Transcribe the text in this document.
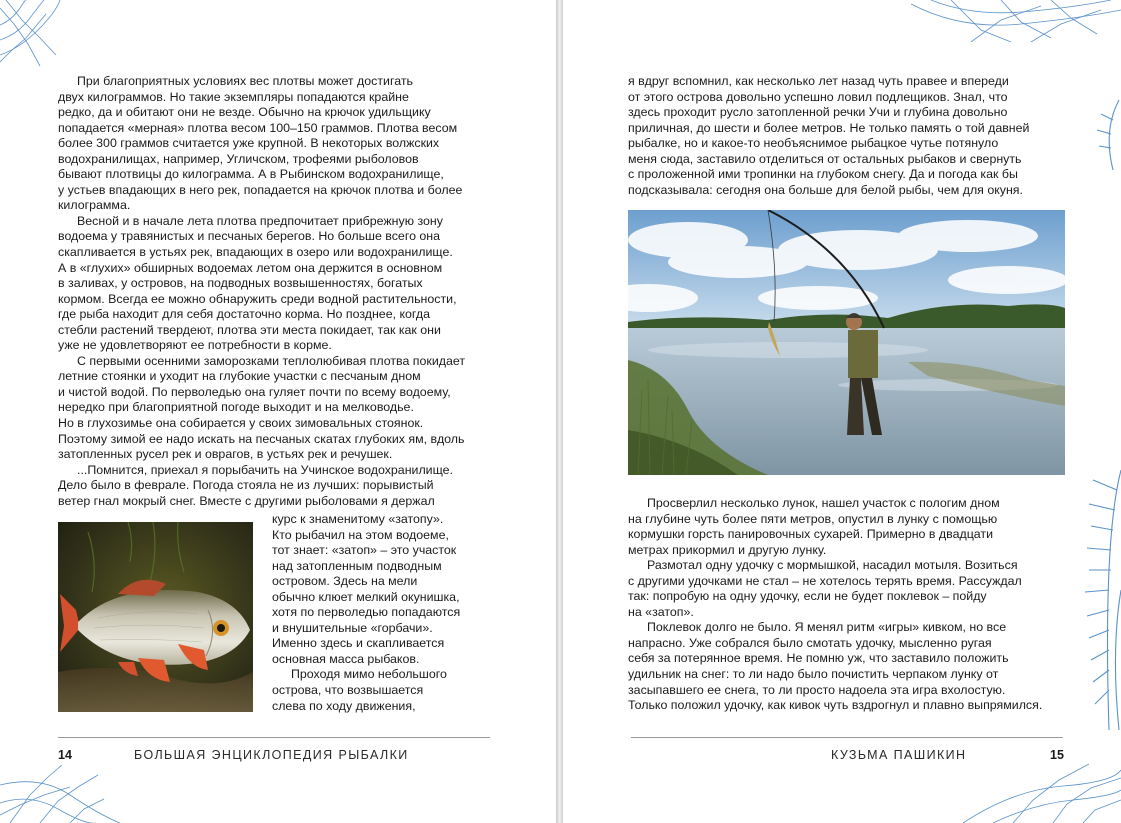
При благоприятных условиях вес плотвы может достигать
двух килограммов. Но такие экземпляры попадаются крайне
редко, да и обитают они не везде. Обычно на крючок удильщику
попадается «мерная» плотва весом 100–150 граммов. Плотва весом
более 300 граммов считается уже крупной. В некоторых волжских
водохранилищах, например, Угличском, трофеями рыболовов
бывают плотвицы до килограмма. А в Рыбинском водохранилище,
у устьев впадающих в него рек, попадается на крючок плотва и более
килограмма.
Весной и в начале лета плотва предпочитает прибрежную зону
водоема у травянистых и песчаных берегов. Но больше всего она
скапливается в устьях рек, впадающих в озеро или водохранилище.
А в «глухих» обширных водоемах летом она держится в основном
в заливах, у островов, на подводных возвышенностях, богатых
кормом. Всегда ее можно обнаружить среди водной растительности,
где рыба находит для себя достаточно корма. Но позднее, когда
стебли растений твердеют, плотва эти места покидает, так как они
уже не удовлетворяют ее потребности в корме.
С первыми осенними заморозками теплолюбивая плотва покидает
летние стоянки и уходит на глубокие участки с песчаным дном
и чистой водой. По перволедью она гуляет почти по всему водоему,
нередко при благоприятной погоде выходит и на мелководье.
Но в глухозимье она собирается у своих зимовальных стоянок.
Поэтому зимой ее надо искать на песчаных скатах глубоких ям, вдоль
затопленных русел рек и оврагов, в устьях рек и речушек.
...Помнится, приехал я порыбачить на Учинское водохранилище.
Дело было в феврале. Погода стояла не из лучших: порывистый
ветер гнал мокрый снег. Вместе с другими рыболовами я держал
курс к знаменитому «затопу».
Кто рыбачил на этом водоеме,
тот знает: «затоп» – это участок
над затопленным подводным
островом. Здесь на мели
обычно клюет мелкий окунишка,
хотя по перволедью попадаются
и внушительные «горбачи».
Именно здесь и скапливается
основная масса рыбаков.
Проходя мимо небольшого
острова, что возвышается
слева по ходу движения,
14	БОЛЬШАЯ ЭНЦИКЛОПЕДИЯ РЫБАЛКИ
я вдруг вспомнил, как несколько лет назад чуть правее и впереди
от этого острова довольно успешно ловил подлещиков. Знал, что
здесь проходит русло затопленной речки Учи и глубина довольно
приличная, до шести и более метров. Не только память о той давней
рыбалке, но и какое-то необъяснимое рыбацкое чутье потянуло
меня сюда, заставило отделиться от остальных рыбаков и свернуть
с проложенной ими тропинки на глубоком снегу. Да и погода как бы
подсказывала: сегодня она больше для белой рыбы, чем для окуня.
Просверлил несколько лунок, нашел участок с пологим дном
на глубине чуть более пяти метров, опустил в лунку с помощью
кормушки горсть панировочных сухарей. Примерно в двадцати
метрах прикормил и другую лунку.
Размотал одну удочку с мормышкой, насадил мотыля. Возиться
с другими удочками не стал – не хотелось терять время. Рассуждал
так: попробую на одну удочку, если не будет поклевок – пойду
на «затоп».
Поклевок долго не было. Я менял ритм «игры» кивком, но все
напрасно. Уже собрался было смотать удочку, мысленно ругая
себя за потерянное время. Не помню уж, что заставило положить
удильник на снег: то ли надо было почистить черпаком лунку от
засыпавшего ее снега, то ли просто надоела эта игра вхолостую.
Только положил удочку, как кивок чуть вздрогнул и плавно выпрямился.
КУЗЬМА ПАШИКИН	15
